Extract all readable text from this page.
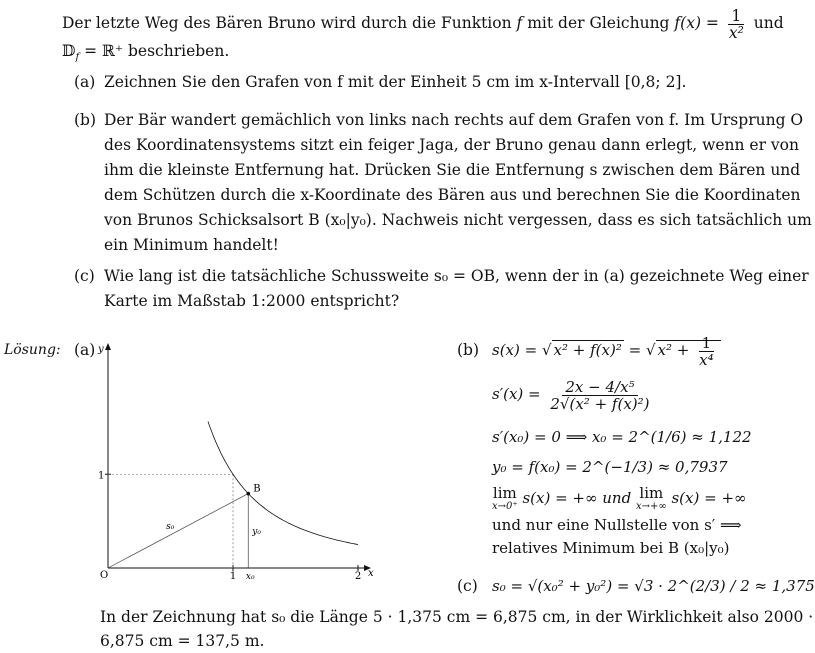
Der letzte Weg des Bären Bruno wird durch die Funktion f mit der Gleichung $f(x) = \frac{1}{\text{x²}}$ und
𝔻$_f$ = ℝ⁺ beschrieben.
(a) Zeichnen Sie den Grafen von f mit der Einheit 5 cm im x-Intervall [0,8; 2].
(b) Der Bär wandert gemächlich von links nach rechts auf dem Grafen von f. Im Ursprung O
des Koordinatensystems sitzt ein feiger Jaga, der Bruno genau dann erlegt, wenn er von
ihm die kleinste Entfernung hat. Drücken Sie die Entfernung s zwischen dem Bären und
dem Schützen durch die x-Koordinate des Bären aus und berechnen Sie die Koordinaten
von Brunos Schicksalsort B (x₀|y₀). Nachweis nicht vergessen, dass es sich tatsächlich um
ein Minimum handelt!
(c) Wie lang ist die tatsächliche Schussweite s₀ = OB, wenn der in (a) gezeichnete Weg einer
Karte im Maßstab 1:2000 entspricht?
Lösung: (a) y
x
O	1 x₀	2
1
B
s₀	y₀
(b) s(x) = √ x² + f(x)² = √ $x^2 + \frac{1}{\text{x⁴}}$
$s'(x) = \frac{\text{2x − 4/x⁵}}{\text{2√(x² + f(x)²)}}$
s′(x₀) = 0 ⟹ x₀ = 2^(1/6) ≈ 1,122
y₀ = f(x₀) = 2^(−1/3) ≈ 0,7937
lim
x→0⁺ s(x) = +∞ und lim
x→+∞ s(x) = +∞
und nur eine Nullstelle von s′ ⟹
relatives Minimum bei B (x₀|y₀)
(c) s₀ = √(x₀² + y₀²) = √3 · 2^(2/3) / 2 ≈ 1,375
In der Zeichnung hat s₀ die Länge 5 · 1,375 cm = 6,875 cm, in der Wirklichkeit also 2000 ·
6,875 cm = 137,5 m.
